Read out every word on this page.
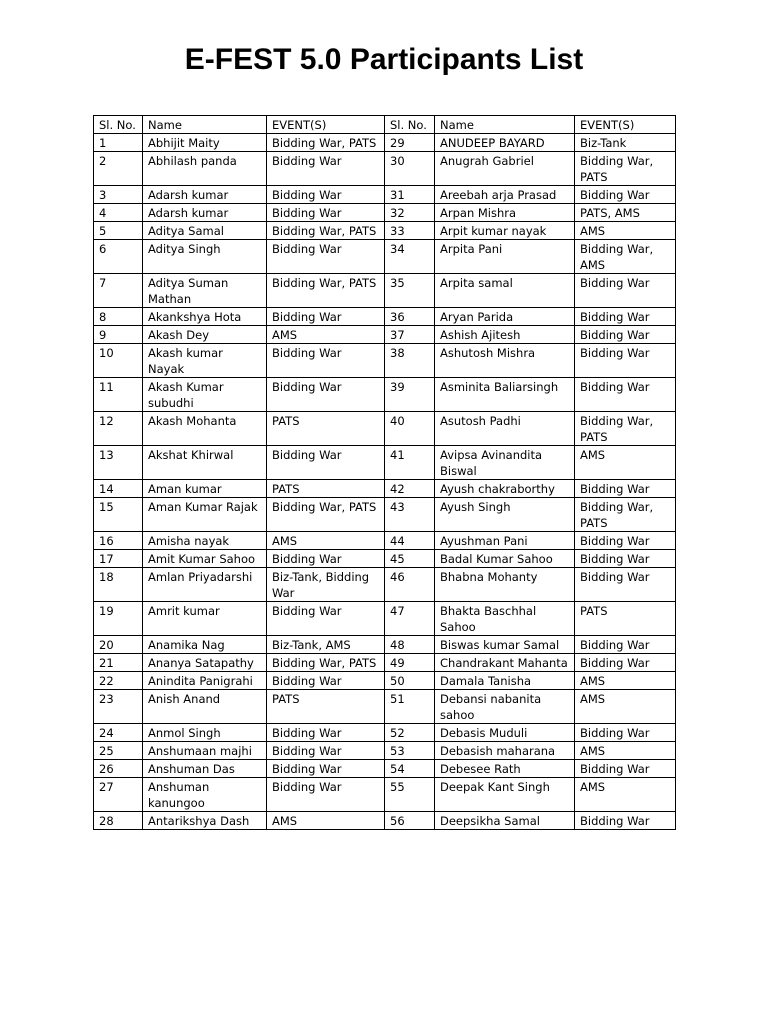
E-FEST 5.0 Participants List
Sl. No.	Name	EVENT(S)	Sl. No.	Name	EVENT(S)
1	Abhijit Maity	Bidding War, PATS	29	ANUDEEP BAYARD	Biz-Tank
2	Abhilash panda	Bidding War	30	Anugrah Gabriel	Bidding War, PATS
3	Adarsh kumar	Bidding War	31	Areebah arja Prasad	Bidding War
4	Adarsh kumar	Bidding War	32	Arpan Mishra	PATS, AMS
5	Aditya Samal	Bidding War, PATS	33	Arpit kumar nayak	AMS
6	Aditya Singh	Bidding War	34	Arpita Pani	Bidding War, AMS
7	Aditya Suman Mathan	Bidding War, PATS	35	Arpita samal	Bidding War
8	Akankshya Hota	Bidding War	36	Aryan Parida	Bidding War
9	Akash Dey	AMS	37	Ashish Ajitesh	Bidding War
10	Akash kumar Nayak	Bidding War	38	Ashutosh Mishra	Bidding War
11	Akash Kumar subudhi	Bidding War	39	Asminita Baliarsingh	Bidding War
12	Akash Mohanta	PATS	40	Asutosh Padhi	Bidding War, PATS
13	Akshat Khirwal	Bidding War	41	Avipsa Avinandita Biswal	AMS
14	Aman kumar	PATS	42	Ayush chakraborthy	Bidding War
15	Aman Kumar Rajak	Bidding War, PATS	43	Ayush Singh	Bidding War, PATS
16	Amisha nayak	AMS	44	Ayushman Pani	Bidding War
17	Amit Kumar Sahoo	Bidding War	45	Badal Kumar Sahoo	Bidding War
18	Amlan Priyadarshi	Biz-Tank, Bidding War	46	Bhabna Mohanty	Bidding War
19	Amrit kumar	Bidding War	47	Bhakta Baschhal Sahoo	PATS
20	Anamika Nag	Biz-Tank, AMS	48	Biswas kumar Samal	Bidding War
21	Ananya Satapathy	Bidding War, PATS	49	Chandrakant Mahanta	Bidding War
22	Anindita Panigrahi	Bidding War	50	Damala Tanisha	AMS
23	Anish Anand	PATS	51	Debansi nabanita sahoo	AMS
24	Anmol Singh	Bidding War	52	Debasis Muduli	Bidding War
25	Anshumaan majhi	Bidding War	53	Debasish maharana	AMS
26	Anshuman Das	Bidding War	54	Debesee Rath	Bidding War
27	Anshuman kanungoo	Bidding War	55	Deepak Kant Singh	AMS
28	Antarikshya Dash	AMS	56	Deepsikha Samal	Bidding War
